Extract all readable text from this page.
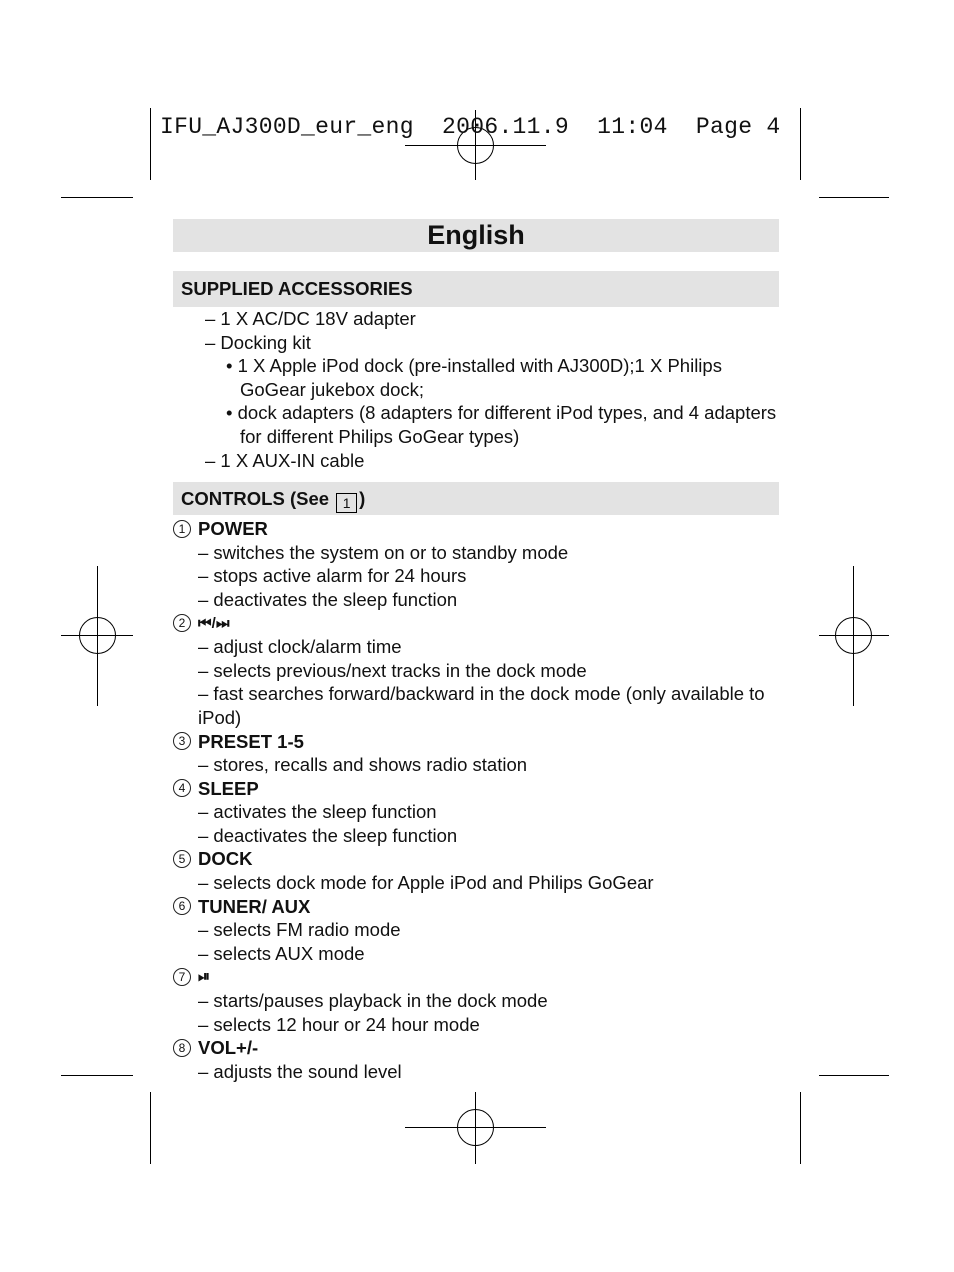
IFU_AJ300D_eur_eng  2006.11.9  11:04  Page 4
English
SUPPLIED ACCESSORIES
– 1 X AC/DC 18V adapter
– Docking kit
• 1 X Apple iPod dock (pre-installed with AJ300D);1 X Philips GoGear jukebox dock;
• dock adapters (8 adapters for different iPod types, and 4 adapters for different Philips GoGear types)
– 1 X AUX-IN cable
CONTROLS (See 1 )
1 POWER
– switches the system on or to standby mode
– stops active alarm for 24 hours
– deactivates the sleep function
2 ⏮ / ⏭
– adjust clock/alarm time
– selects previous/next tracks in the dock mode
– fast searches forward/backward in the dock mode (only available to iPod)
3 PRESET 1-5
– stores, recalls and shows radio station
4 SLEEP
– activates the sleep function
– deactivates the sleep function
5 DOCK
– selects dock mode for Apple iPod and Philips GoGear
6 TUNER/ AUX
– selects FM radio mode
– selects AUX mode
7 ⏯
– starts/pauses playback in the dock mode
– selects 12 hour or 24 hour mode
8 VOL+/-
– adjusts the sound level
